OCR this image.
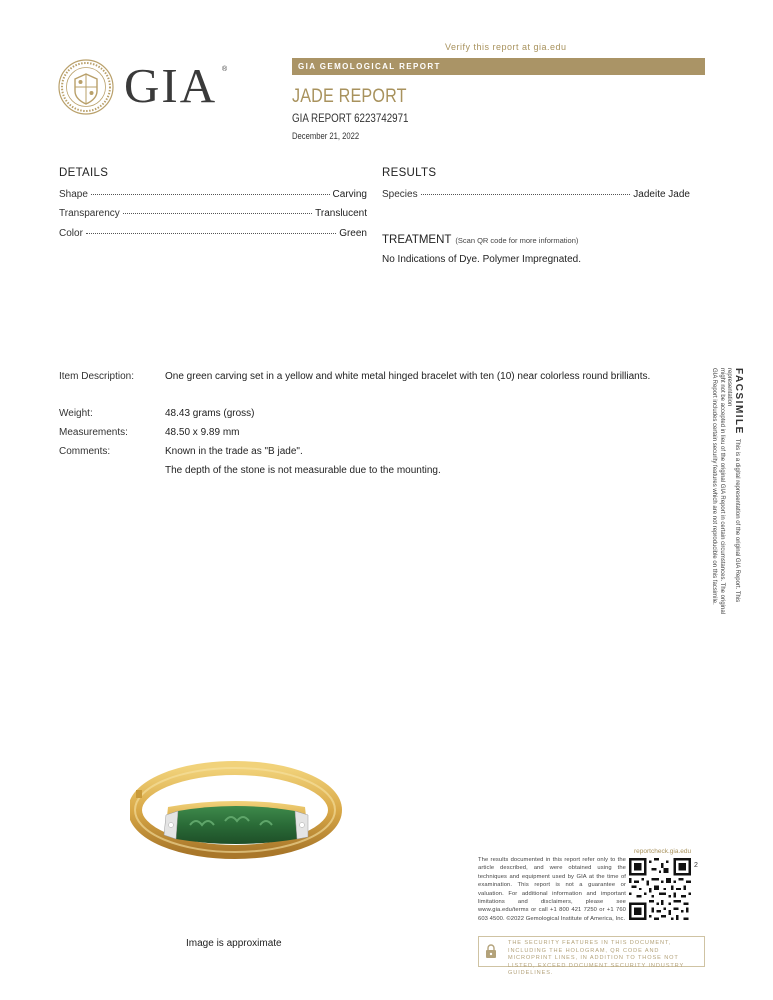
Verify this report at gia.edu
GIA ®	GIA GEMOLOGICAL REPORT
JADE REPORT
GIA REPORT 6223742971
December 21, 2022
DETAILS
Shape	Carving
Transparency	Translucent
Color	Green
RESULTS
Species	Jadeite Jade
TREATMENT (Scan QR code for more information)
No Indications of Dye. Polymer Impregnated.
Item Description:	One green carving set in a yellow and white metal hinged bracelet with ten (10) near colorless round brilliants.
Weight:	48.43 grams (gross)
Measurements:	48.50 x 9.89 mm
Comments:	Known in the trade as "B jade".
The depth of the stone is not measurable due to the mounting.
FACSIMILEThis is a digital representation of the original GIA Report. This representation
might not be accepted in lieu of the original GIA Report in certain circumstances. The original
GIA Report includes certain security features which are not reproducible on this facsimile.
Image is approximate
reportcheck.gia.edu
The results documented in this report refer only to the article described, and were obtained using the techniques and equipment used by GIA at the time of examination. This report is not a guarantee or valuation. For additional information and important limitations and disclaimers, please see www.gia.edu/terms or call +1 800 421 7250 or +1 760 603 4500. ©2022 Gemological Institute of America, Inc.
2
THE SECURITY FEATURES IN THIS DOCUMENT, INCLUDING THE HOLOGRAM, QR CODE AND MICROPRINT LINES, IN ADDITION TO THOSE NOT LISTED, EXCEED DOCUMENT SECURITY INDUSTRY GUIDELINES.
